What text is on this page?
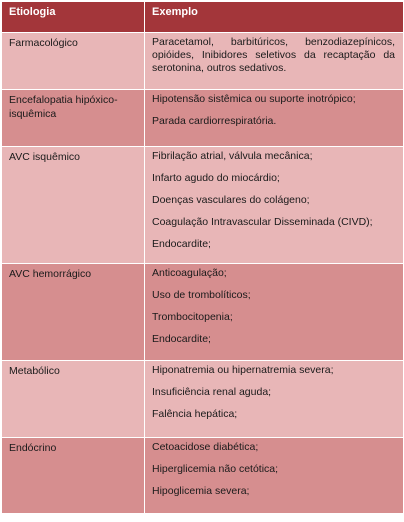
Etiologia	Exemplo
Farmacológico	Paracetamol, barbitúricos, benzodiazepínicos, opióides, Inibidores seletivos da recaptação da serotonina, outros sedativos.

Encefalopatia hipóxico-isquêmica	Hipotensão sistêmica ou suporte inotrópico;
Parada cardiorrespiratória.

AVC isquêmico	Fibrilação atrial, válvula mecânica;
Infarto agudo do miocárdio;
Doenças vasculares do colágeno;
Coagulação Intravascular Disseminada (CIVD);
Endocardite;

AVC hemorrágico	Anticoagulação;
Uso de trombolíticos;
Trombocitopenia;
Endocardite;

Metabólico	Hiponatremia ou hipernatremia severa;
Insuficiência renal aguda;
Falência hepática;

Endócrino	Cetoacidose diabética;
Hiperglicemia não cetótica;
Hipoglicemia severa;
